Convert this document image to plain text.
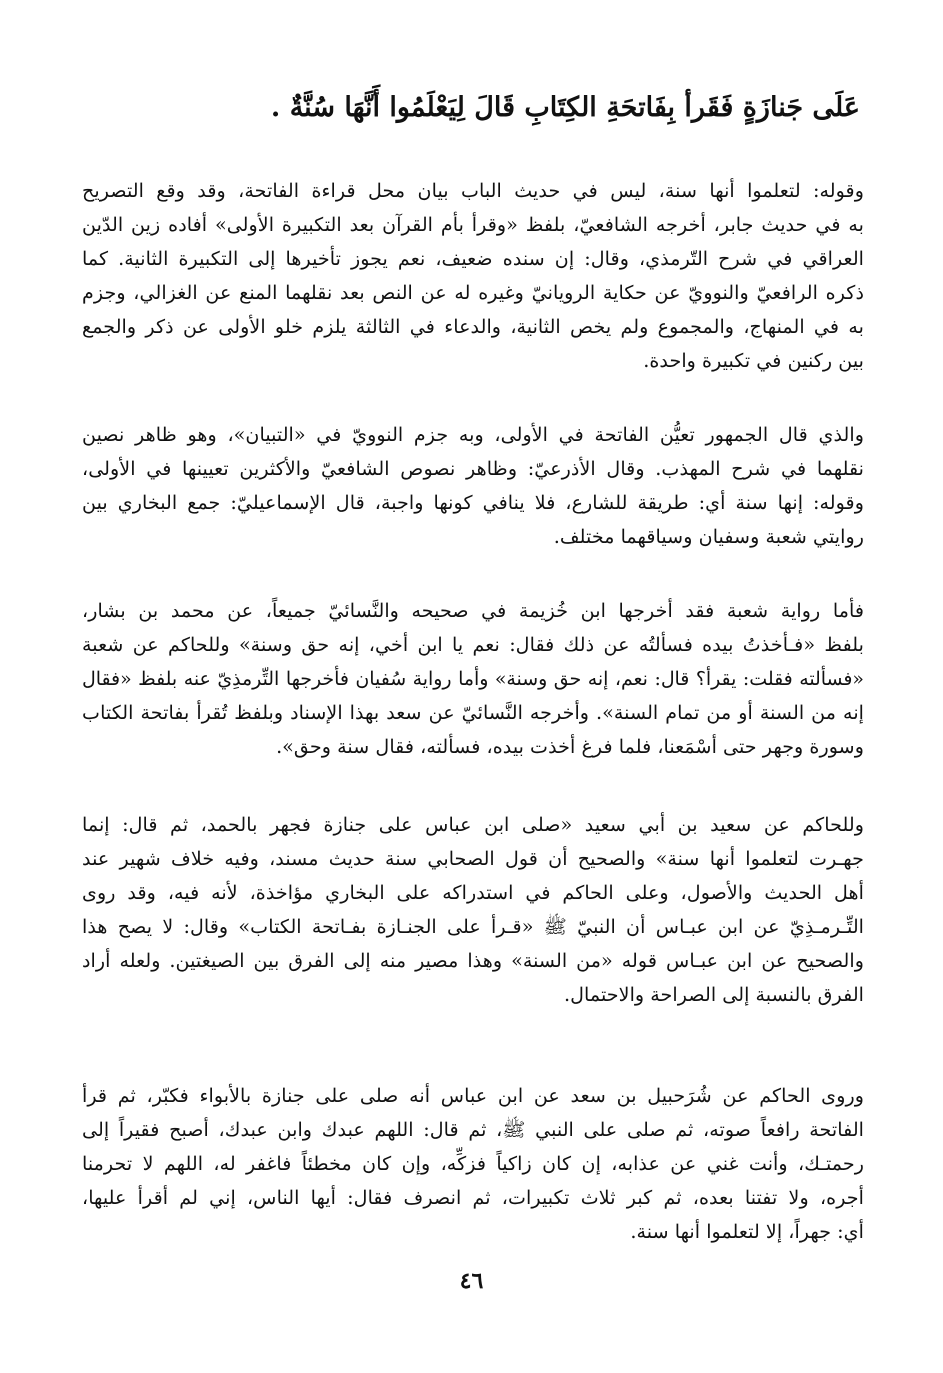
عَلَى جَنازَةٍ فَقَرأ بِفَاتحَةِ الكِتَابِ قَالَ لِيَعْلَمُوا أَنَّهَا سُنَّةٌ .
وقوله: لتعلموا أنها سنة، ليس في حديث الباب بيان محل قراءة الفاتحة، وقد وقع التصريح
به في حديث جابر، أخرجه الشافعيّ، بلفظ «وقرأ بأم القرآن بعد التكبيرة الأولى» أفاده زين الدّين
العراقي في شرح التّرمذي، وقال: إن سنده ضعيف، نعم يجوز تأخيرها إلى التكبيرة الثانية. كما
ذكره الرافعيّ والنوويّ عن حكاية الرويانيّ وغيره له عن النص بعد نقلهما المنع عن الغزالي، وجزم
به في المنهاج، والمجموع ولم يخص الثانية، والدعاء في الثالثة يلزم خلو الأولى عن ذكر والجمع
بين ركنين في تكبيرة واحدة.
والذي قال الجمهور تعيُّن الفاتحة في الأولى، وبه جزم النوويّ في «التبيان»، وهو ظاهر نصين
نقلهما في شرح المهذب. وقال الأذرعيّ: وظاهر نصوص الشافعيّ والأكثرين تعيينها في الأولى،
وقوله: إنها سنة أي: طريقة للشارع، فلا ينافي كونها واجبة، قال الإسماعيليّ: جمع البخاري بين
روايتي شعبة وسفيان وسياقهما مختلف.
فأما رواية شعبة فقد أخرجها ابن خُزيمة في صحيحه والنَّسائيّ جميعاً، عن محمد بن بشار،
بلفظ «فـأخذتُ بيده فسألتُه عن ذلك فقال: نعم يا ابن أخي، إنه حق وسنة» وللحاكم عن شعبة
«فسألته فقلت: يقرأ؟ قال: نعم، إنه حق وسنة» وأما رواية سُفيان فأخرجها التِّرمذِيّ عنه بلفظ «فقال
إنه من السنة أو من تمام السنة». وأخرجه النَّسائيّ عن سعد بهذا الإسناد وبلفظ تُقرأ بفاتحة الكتاب
وسورة وجهر حتى أسْمَعنا، فلما فرغ أخذت بيده، فسألته، فقال سنة وحق».
وللحاكم عن سعيد بن أبي سعيد «صلى ابن عباس على جنازة فجهر بالحمد، ثم قال: إنما
جهـرت لتعلموا أنها سنة» والصحيح أن قول الصحابي سنة حديث مسند، وفيه خلاف شهير عند
أهل الحديث والأصول، وعلى الحاكم في استدراكه على البخاري مؤاخذة، لأنه فيه، وقد روى
التِّـرمـذِيّ عن ابن عبـاس أن النبيّ ﷺ «قـرأ على الجنـازة بفـاتحة الكتاب» وقال: لا يصح هذا
والصحيح عن ابن عبـاس قوله «من السنة» وهذا مصير منه إلى الفرق بين الصيغتين. ولعله أراد
الفرق بالنسبة إلى الصراحة والاحتمال.
وروى الحاكم عن شُرَحبيل بن سعد عن ابن عباس أنه صلى على جنازة بالأبواء فكبّر، ثم قرأ
الفاتحة رافعاً صوته، ثم صلى على النبي ﷺ، ثم قال: اللهم عبدك وابن عبدك، أصبح فقيراً إلى
رحمتـك، وأنت غني عن عذابه، إن كان زاكياً فزكِّه، وإن كان مخطئاً فاغفر له، اللهم لا تحرمنا
أجره، ولا تفتنا بعده، ثم كبر ثلاث تكبيرات، ثم انصرف فقال: أيها الناس، إني لم أقرأ عليها،
أي: جهراً، إلا لتعلموا أنها سنة.
٤٦
